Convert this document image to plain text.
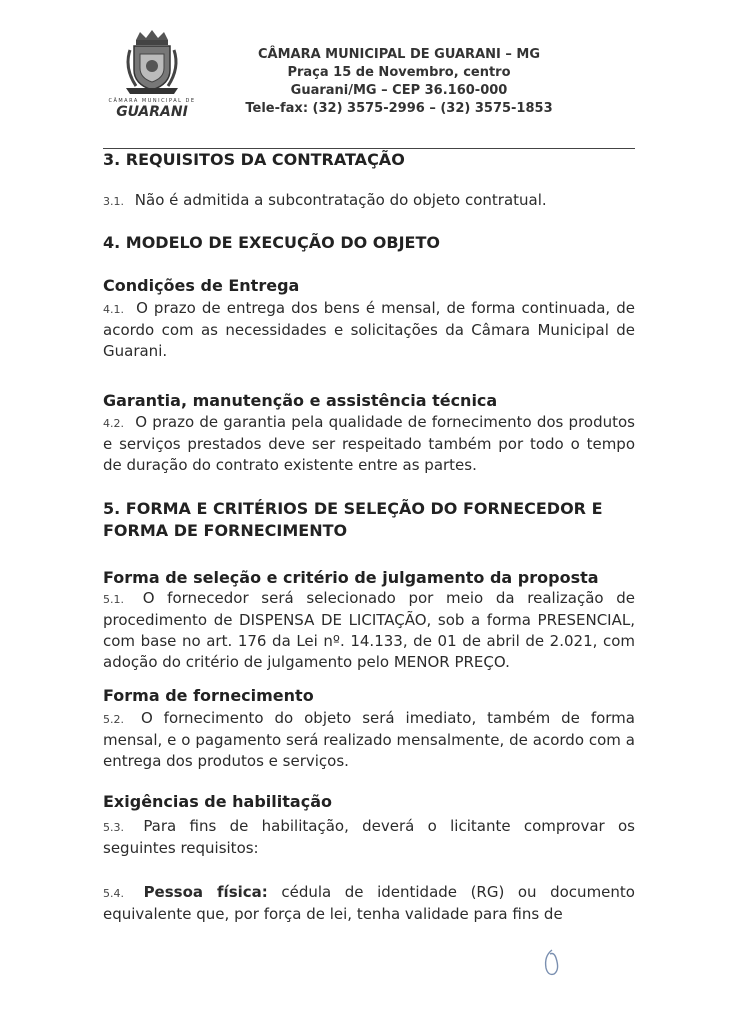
CÂMARA MUNICIPAL DE
GUARANI
CÂMARA MUNICIPAL DE GUARANI – MG
Praça 15 de Novembro, centro
Guarani/MG – CEP 36.160-000
Tele-fax: (32) 3575-2996 – (32) 3575-1853
3. REQUISITOS DA CONTRATAÇÃO
3.1. Não é admitida a subcontratação do objeto contratual.
4. MODELO DE EXECUÇÃO DO OBJETO
Condições de Entrega
4.1. O prazo de entrega dos bens é mensal, de forma continuada, de acordo com as necessidades e solicitações da Câmara Municipal de Guarani.
Garantia, manutenção e assistência técnica
4.2. O prazo de garantia pela qualidade de fornecimento dos produtos e serviços prestados deve ser respeitado também por todo o tempo de duração do contrato existente entre as partes.
5. FORMA E CRITÉRIOS DE SELEÇÃO DO FORNECEDOR E FORMA DE FORNECIMENTO
Forma de seleção e critério de julgamento da proposta
5.1. O fornecedor será selecionado por meio da realização de procedimento de DISPENSA DE LICITAÇÃO, sob a forma PRESENCIAL, com base no art. 176 da Lei nº. 14.133, de 01 de abril de 2.021, com adoção do critério de julgamento pelo MENOR PREÇO.
Forma de fornecimento
5.2. O fornecimento do objeto será imediato, também de forma mensal, e o pagamento será realizado mensalmente, de acordo com a entrega dos produtos e serviços.
Exigências de habilitação
5.3. Para fins de habilitação, deverá o licitante comprovar os seguintes requisitos:
5.4. Pessoa física: cédula de identidade (RG) ou documento equivalente que, por força de lei, tenha validade para fins de
